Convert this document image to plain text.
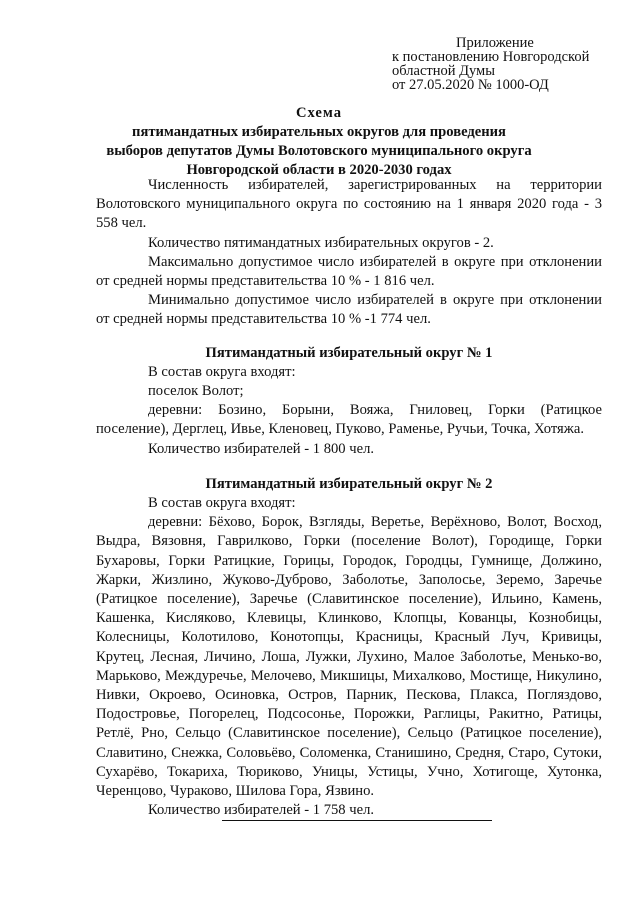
Приложение
к постановлению Новгородской
областной Думы
от 27.05.2020 № 1000-ОД
Схема
пятимандатных избирательных округов для проведения
выборов депутатов Думы Волотовского муниципального округа
Новгородской области в 2020-2030 годах

Численность избирателей, зарегистрированных на территории Волотовского муниципального округа по состоянию на 1 января 2020 года - 3 558 чел.

Количество пятимандатных избирательных округов - 2.

Максимально допустимое число избирателей в округе при отклонении от средней нормы представительства 10 % - 1 816 чел.

Минимально допустимое число избирателей в округе при отклонении от средней нормы представительства 10 % -1 774 чел.

Пятимандатный избирательный округ № 1

В состав округа входят:

поселок Волот;

деревни: Бозино, Борыни, Вояжа, Гниловец, Горки (Ратицкое поселение), Дерглец, Ивье, Кленовец, Пуково, Раменье, Ручьи, Точка, Хотяжа.

Количество избирателей - 1 800 чел.

Пятимандатный избирательный округ № 2

В состав округа входят:

деревни: Бёхово, Борок, Взгляды, Веретье, Верёхново, Волот, Восход, Выдра, Вязовня, Гаврилково, Горки (поселение Волот), Городище, Горки Бухаровы, Горки Ратицкие, Горицы, Городок, Городцы, Гумнище, Должино, Жарки, Жизлино, Жуково-Дуброво, Заболотье, Заполосье, Зеремо, Заречье (Ратицкое поселение), Заречье (Славитинское поселение), Ильино, Камень, Кашенка, Кисляково, Клевицы, Клинково, Клопцы, Кованцы, Кознобицы, Колесницы, Колотилово, Конотопцы, Красницы, Красный Луч, Кривицы, Крутец, Лесная, Личино, Лоша, Лужки, Лухино, Малое Заболотье, Менько-во, Марьково, Междуречье, Мелочево, Микшицы, Михалково, Мостище, Никулино, Нивки, Окроево, Осиновка, Остров, Парник, Пескова, Плакса, Погляздово, Подостровье, Погорелец, Подсосонье, Порожки, Раглицы, Ракитно, Ратицы, Ретлё, Рно, Сельцо (Славитинское поселение), Сельцо (Ратицкое поселение), Славитино, Снежка, Соловьёво, Соломенка, Станишино, Средня, Старо, Сутоки, Сухарёво, Токариха, Тюриково, Уницы, Устицы, Учно, Хотигоще, Хутонка, Черенцово, Чураково, Шилова Гора, Язвино.

Количество избирателей - 1 758 чел.
